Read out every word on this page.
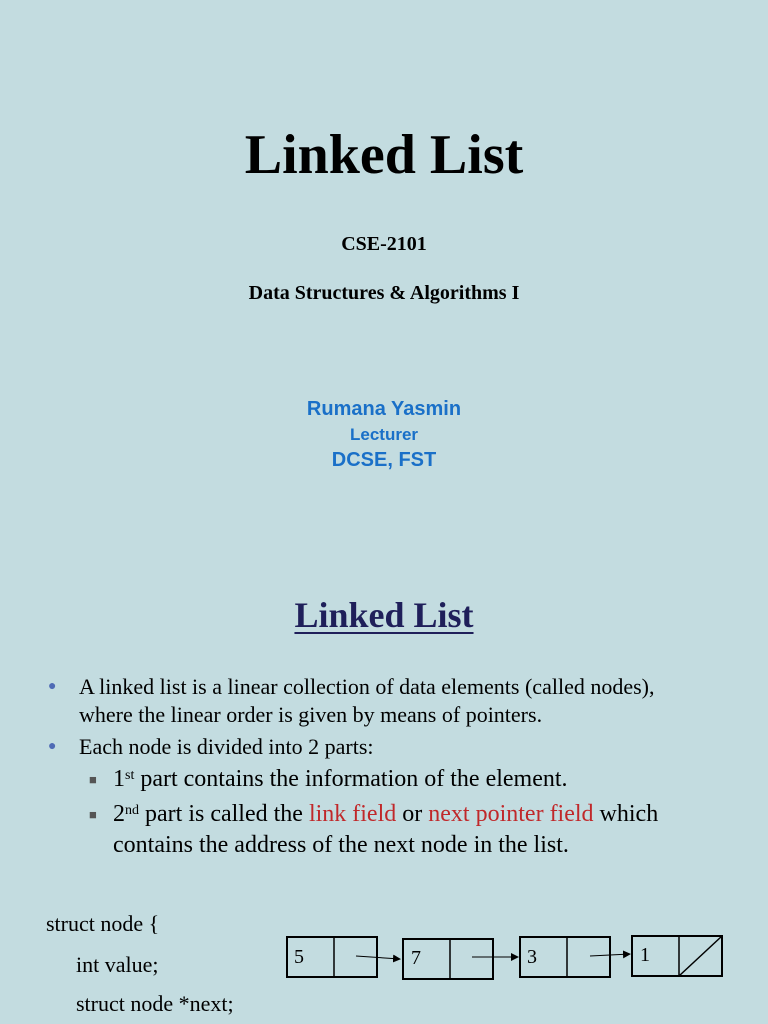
Linked List
CSE-2101
Data Structures & Algorithms I
Rumana Yasmin
Lecturer
DCSE, FST
Linked List
● A linked list is a linear collection of data elements (called nodes),
where the linear order is given by means of pointers.
● Each node is divided into 2 parts:
■ 1st part contains the information of the element.
■ 2nd part is called the link field or next pointer field which
contains the address of the next node in the list.
struct node {
int value;
struct node *next;
5	7	3	1
